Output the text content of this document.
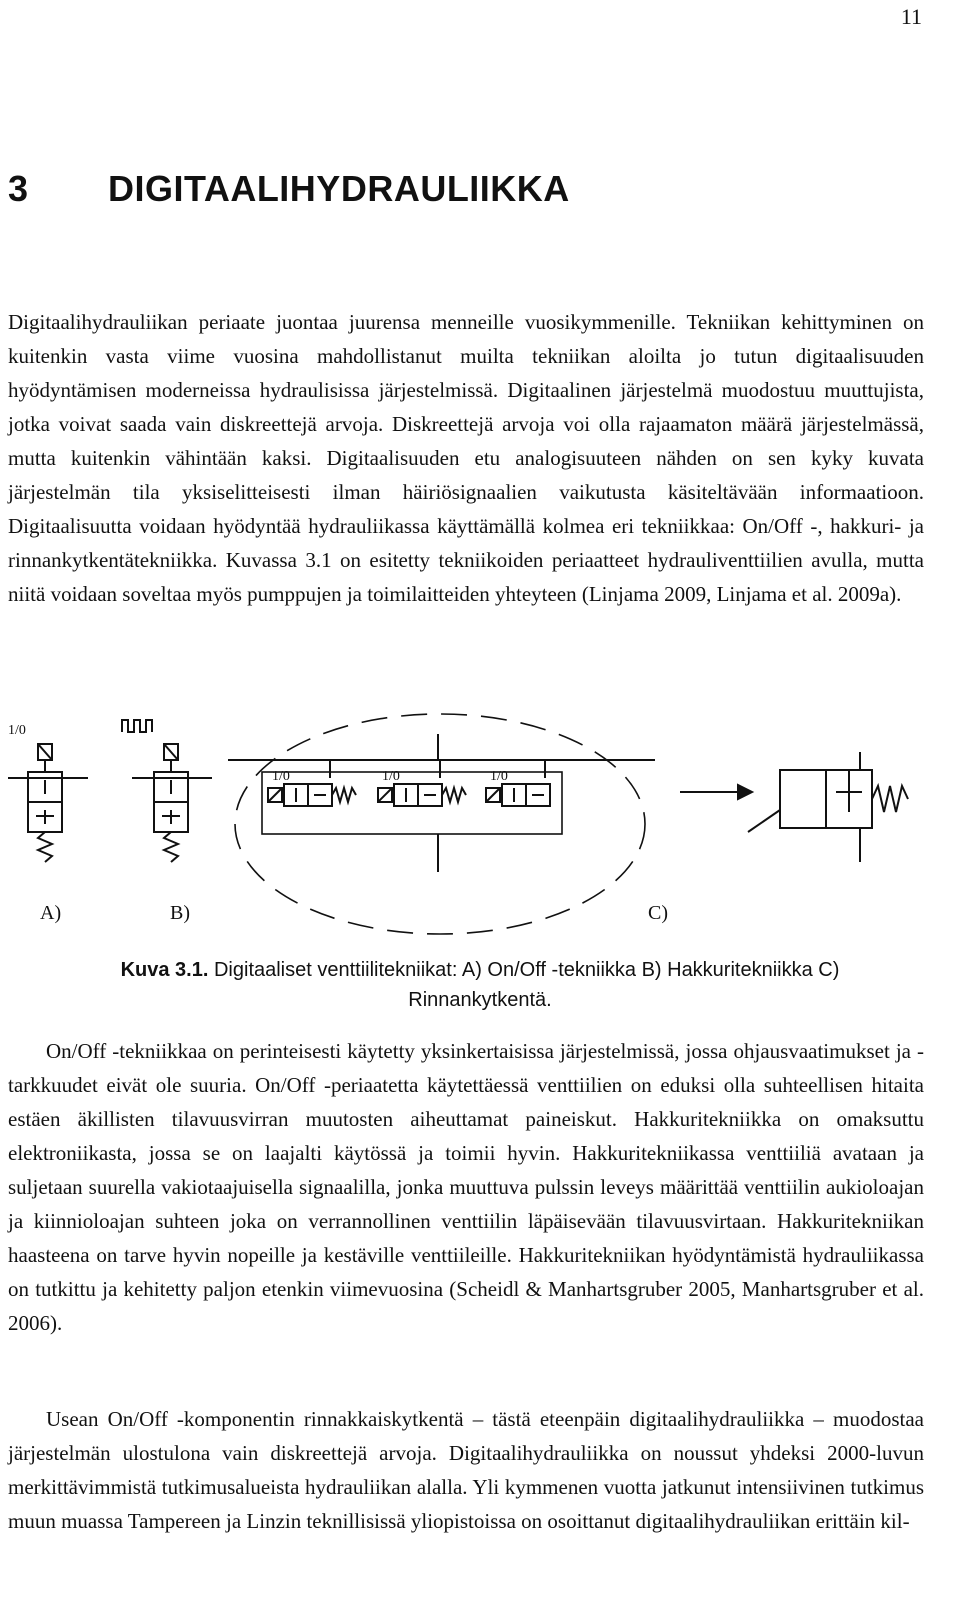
11
3 DIGITAALIHYDRAULIIKKA

Digitaalihydrauliikan periaate juontaa juurensa menneille vuosikymmenille. Tekniikan kehittyminen on kuitenkin vasta viime vuosina mahdollistanut muilta tekniikan aloilta jo tutun digitaalisuuden hyödyntämisen moderneissa hydraulisissa järjestelmissä. Digitaalinen järjestelmä muodostuu muuttujista, jotka voivat saada vain diskreettejä arvoja. Diskreettejä arvoja voi olla rajaamaton määrä järjestelmässä, mutta kuitenkin vähintään kaksi. Digitaalisuuden etu analogisuuteen nähden on sen kyky kuvata järjestelmän tila yksiselitteisesti ilman häiriösignaalien vaikutusta käsiteltävään informaatioon. Digitaalisuutta voidaan hyödyntää hydrauliikassa käyttämällä kolmea eri tekniikkaa: On/Off -, hakkuri- ja rinnankytkentätekniikka. Kuvassa 3.1 on esitetty tekniikoiden periaatteet hydrauliventtiilien avulla, mutta niitä voidaan soveltaa myös pumppujen ja toimilaitteiden yhteyteen (Linjama 2009, Linjama et al. 2009a).

1/0
1/0	1/0	1/0
A)	B)	C)
Kuva 3.1. Digitaaliset venttiilitekniikat: A) On/Off -tekniikka B) Hakkuritekniikka C) Rinnankytkentä.

On/Off -tekniikkaa on perinteisesti käytetty yksinkertaisissa järjestelmissä, jossa ohjausvaatimukset ja -tarkkuudet eivät ole suuria. On/Off -periaatetta käytettäessä venttiilien on eduksi olla suhteellisen hitaita estäen äkillisten tilavuusvirran muutosten aiheuttamat paineiskut. Hakkuritekniikka on omaksuttu elektroniikasta, jossa se on laajalti käytössä ja toimii hyvin. Hakkuritekniikassa venttiiliä avataan ja suljetaan suurella vakiotaajuisella signaalilla, jonka muuttuva pulssin leveys määrittää venttiilin aukioloajan ja kiinnioloajan suhteen joka on verrannollinen venttiilin läpäisevään tilavuusvirtaan. Hakkuritekniikan haasteena on tarve hyvin nopeille ja kestäville venttiileille. Hakkuritekniikan hyödyntämistä hydrauliikassa on tutkittu ja kehitetty paljon etenkin viimevuosina (Scheidl & Manhartsgruber 2005, Manhartsgruber et al. 2006).

Usean On/Off -komponentin rinnakkaiskytkentä – tästä eteenpäin digitaalihydrauliikka – muodostaa järjestelmän ulostulona vain diskreettejä arvoja. Digitaalihydrauliikka on noussut yhdeksi 2000-luvun merkittävimmistä tutkimusalueista hydrauliikan alalla. Yli kymmenen vuotta jatkunut intensiivinen tutkimus muun muassa Tampereen ja Linzin teknillisissä yliopistoissa on osoittanut digitaalihydrauliikan erittäin kil-
